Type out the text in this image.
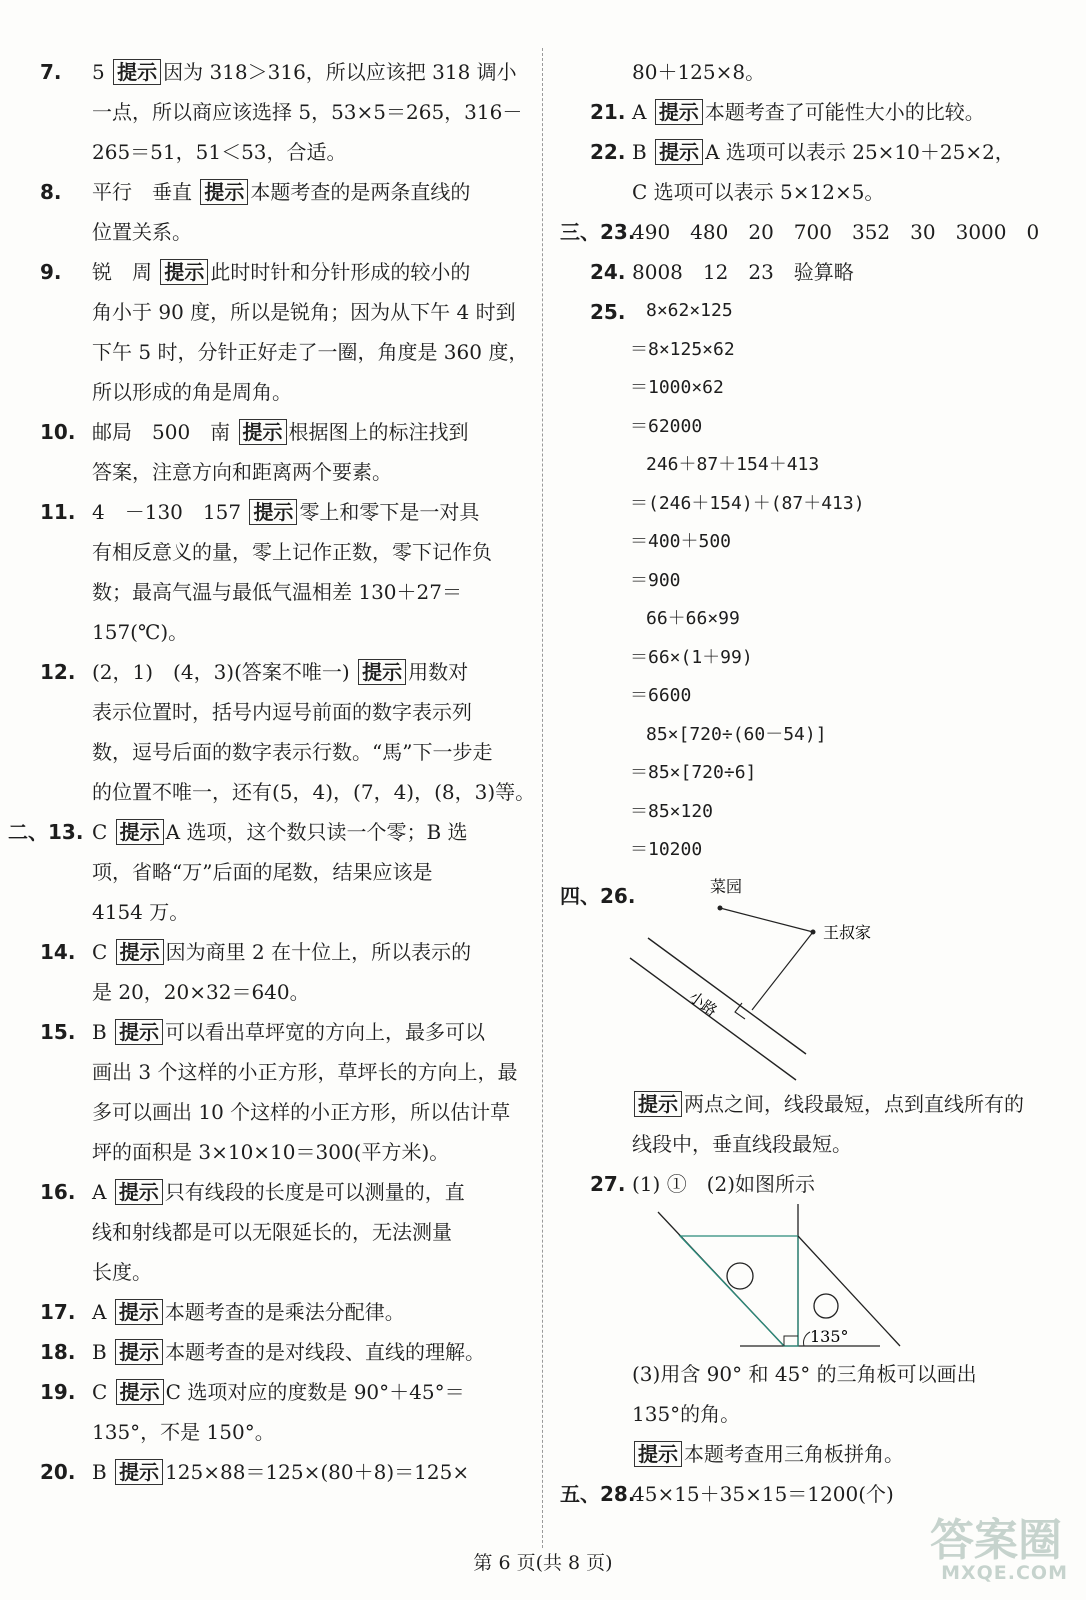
7. 5 提示 因为 318＞316，所以应该把 318 调小
一点，所以商应该选择 5，53×5＝265，316－
265＝51，51＜53，合适。
8. 平行　垂直 提示 本题考查的是两条直线的
位置关系。
9. 锐　周 提示 此时时针和分针形成的较小的
角小于 90 度，所以是锐角；因为从下午 4 时到
下午 5 时，分针正好走了一圈，角度是 360 度，
所以形成的角是周角。
10. 邮局　500　南 提示 根据图上的标注找到
答案，注意方向和距离两个要素。
11. 4　－130　157 提示 零上和零下是一对具
有相反意义的量，零上记作正数，零下记作负
数；最高气温与最低气温相差 130＋27＝
157(℃)。
12. (2，1)　(4，3)(答案不唯一) 提示 用数对
表示位置时，括号内逗号前面的数字表示列
数，逗号后面的数字表示行数。“馬”下一步走
的位置不唯一，还有(5，4)，(7，4)，(8，3)等。
二、13. C 提示 A 选项，这个数只读一个零；B 选
项，省略“万”后面的尾数，结果应该是
4154 万。
14. C 提示 因为商里 2 在十位上，所以表示的
是 20，20×32＝640。
15. B 提示 可以看出草坪宽的方向上，最多可以
画出 3 个这样的小正方形，草坪长的方向上，最
多可以画出 10 个这样的小正方形，所以估计草
坪的面积是 3×10×10＝300(平方米)。
16. A 提示 只有线段的长度是可以测量的，直
线和射线都是可以无限延长的，无法测量
长度。
17. A 提示 本题考查的是乘法分配律。
18. B 提示 本题考查的是对线段、直线的理解。
19. C 提示 C 选项对应的度数是 90°＋45°＝
135°，不是 150°。
20. B 提示 125×88＝125×(80＋8)＝125×
80＋125×8。
21. A 提示 本题考查了可能性大小的比较。
22. B 提示 A 选项可以表示 25×10＋25×2，
C 选项可以表示 5×12×5。
三、23.
490　480　20　700　352　30　3000　0
24. 8008　12　23　验算略
25.	8×62×125
＝8×125×62
＝1000×62
＝62000
246＋87＋154＋413
＝(246＋154)＋(87＋413)
＝400＋500
＝900
66＋66×99
＝66×(1＋99)
＝6600
85×[720÷(60－54)]
＝85×[720÷6]
＝85×120
＝10200
四、26.	菜园
王叔家
小路
提示 两点之间，线段最短，点到直线所有的
线段中，垂直线段最短。
27. (1) ①　(2)如图所示
135°
(3)用含 90° 和 45° 的三角板可以画出
135°的角。
提示 本题考查用三角板拼角。
五、28.
45×15＋35×15＝1200(个)
第 6 页(共 8 页)	答案圈
MXQE.COM
